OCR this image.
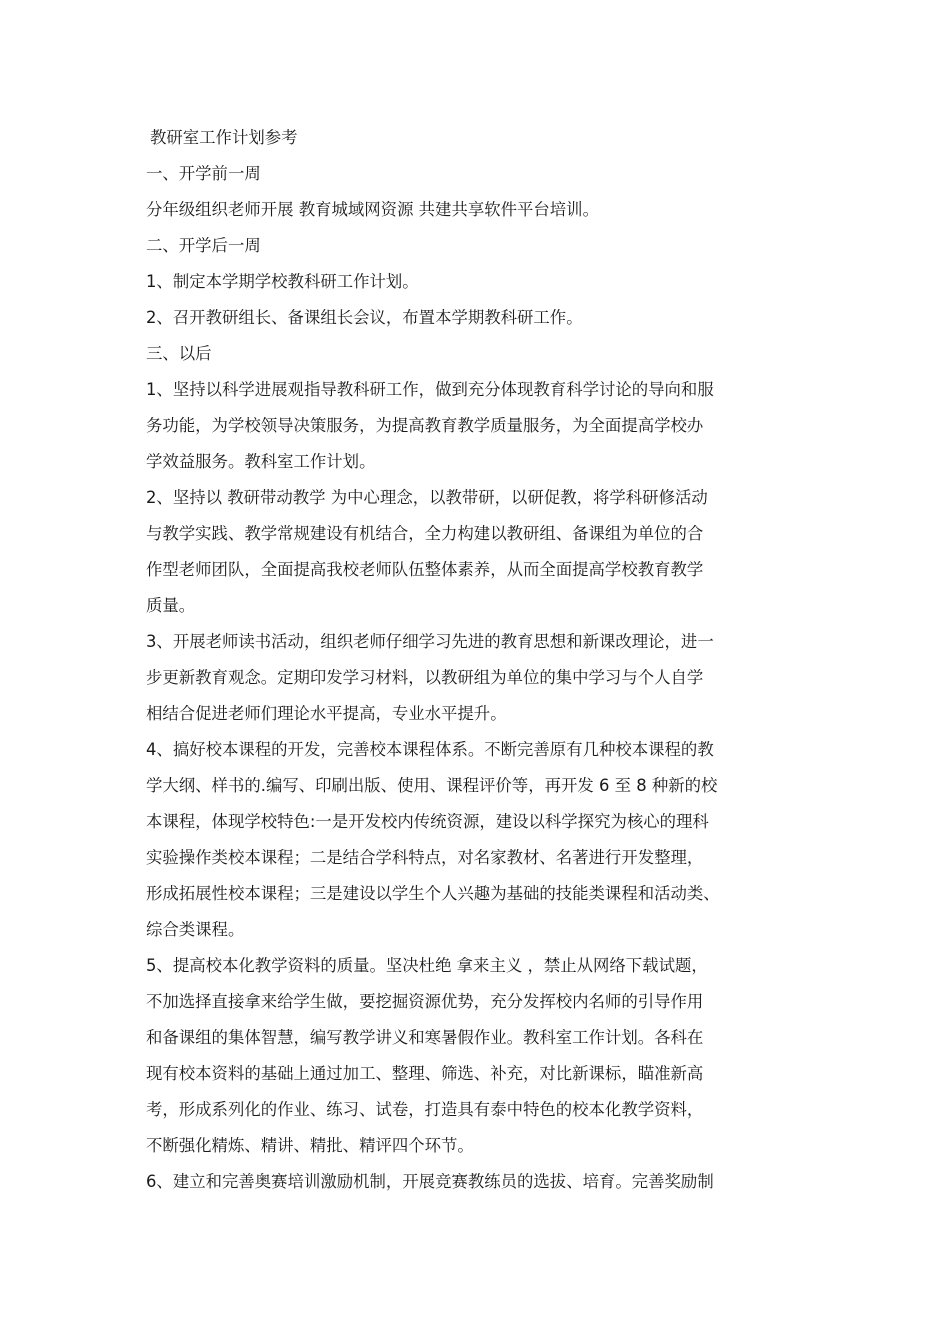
教研室工作计划参考
一、开学前一周
分年级组织老师开展 教育城域网资源 共建共享软件平台培训。
二、开学后一周
1、制定本学期学校教科研工作计划。
2、召开教研组长、备课组长会议，布置本学期教科研工作。
三、以后
1、坚持以科学进展观指导教科研工作，做到充分体现教育科学讨论的导向和服
务功能，为学校领导决策服务，为提高教育教学质量服务，为全面提高学校办
学效益服务。教科室工作计划。
2、坚持以 教研带动教学 为中心理念，以教带研，以研促教，将学科研修活动
与教学实践、教学常规建设有机结合，全力构建以教研组、备课组为单位的合
作型老师团队，全面提高我校老师队伍整体素养，从而全面提高学校教育教学
质量。
3、开展老师读书活动，组织老师仔细学习先进的教育思想和新课改理论，进一
步更新教育观念。定期印发学习材料，以教研组为单位的集中学习与个人自学
相结合促进老师们理论水平提高，专业水平提升。
4、搞好校本课程的开发，完善校本课程体系。不断完善原有几种校本课程的教
学大纲、样书的.编写、印刷出版、使用、课程评价等，再开发 6 至 8 种新的校
本课程，体现学校特色:一是开发校内传统资源，建设以科学探究为核心的理科
实验操作类校本课程；二是结合学科特点，对名家教材、名著进行开发整理，
形成拓展性校本课程；三是建设以学生个人兴趣为基础的技能类课程和活动类、
综合类课程。
5、提高校本化教学资料的质量。坚决杜绝 拿来主义 ，禁止从网络下载试题，
不加选择直接拿来给学生做，要挖掘资源优势，充分发挥校内名师的引导作用
和备课组的集体智慧，编写教学讲义和寒暑假作业。教科室工作计划。各科在
现有校本资料的基础上通过加工、整理、筛选、补充，对比新课标，瞄准新高
考，形成系列化的作业、练习、试卷，打造具有泰中特色的校本化教学资料，
不断强化精炼、精讲、精批、精评四个环节。
6、建立和完善奥赛培训激励机制，开展竞赛教练员的选拔、培育。完善奖励制
